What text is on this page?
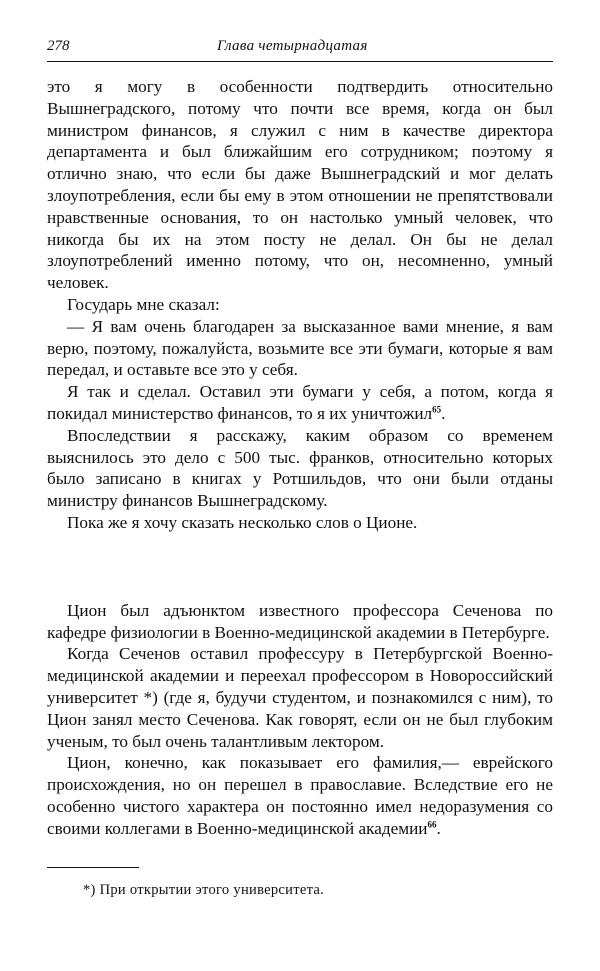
278	Глава четырнадцатая

это я могу в особенности подтвердить относительно Вышнеградского, потому что почти все время, когда он был министром финансов, я служил с ним в качестве директора департамента и был ближайшим его сотрудником; поэтому я отлично знаю, что если бы даже Вышнеградский и мог делать злоупотребления, если бы ему в этом отношении не препятствовали нравственные основания, то он настолько умный человек, что никогда бы их на этом посту не делал. Он бы не делал злоупотреблений именно потому, что он, несомненно, умный человек.

Государь мне сказал:

— Я вам очень благодарен за высказанное вами мнение, я вам верю, поэтому, пожалуйста, возьмите все эти бумаги, которые я вам передал, и оставьте все это у себя.

Я так и сделал. Оставил эти бумаги у себя, а потом, когда я покидал министерство финансов, то я их уничтожил$^{65}$.

Впоследствии я расскажу, каким образом со временем выяснилось это дело с 500 тыс. франков, относительно которых было записано в книгах у Ротшильдов, что они были отданы министру финансов Вышнеградскому.

Пока же я хочу сказать несколько слов о Ционе.

Цион был адъюнктом известного профессора Сеченова по кафедре физиологии в Военно-медицинской академии в Петербурге.

Когда Сеченов оставил профессуру в Петербургской Военно-медицинской академии и переехал профессором в Новороссийский университет *) (где я, будучи студентом, и познакомился с ним), то Цион занял место Сеченова. Как говорят, если он не был глубоким ученым, то был очень талантливым лектором.

Цион, конечно, как показывает его фамилия,— еврейского происхождения, но он перешел в православие. Вследствие его не особенно чистого характера он постоянно имел недоразумения со своими коллегами в Военно-медицинской академии$^{66}$.

*) При открытии этого университета.
